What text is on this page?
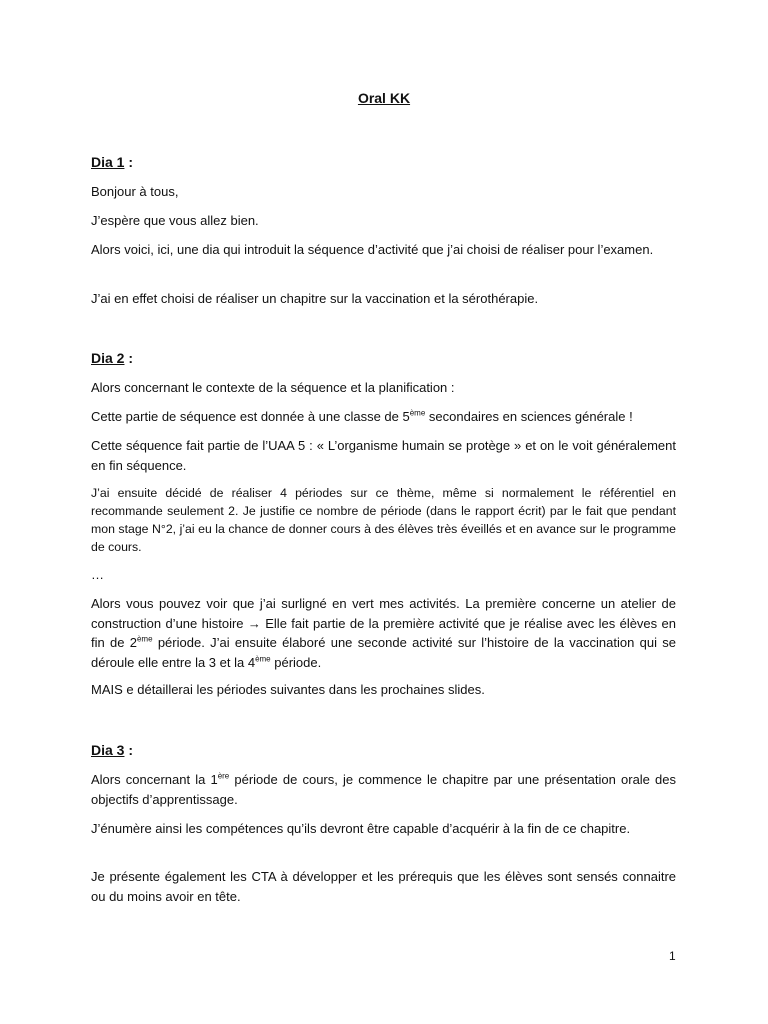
Oral KK
Dia 1 :
Bonjour à tous,
J’espère que vous allez bien.
Alors voici, ici, une dia qui introduit la séquence d’activité que j’ai choisi de réaliser pour l’examen.
J’ai en effet choisi de réaliser un chapitre sur la vaccination et la sérothérapie.
Dia 2 :
Alors concernant le contexte de la séquence et la planification :
Cette partie de séquence est donnée à une classe de 5ème secondaires en sciences générale !
Cette séquence fait partie de l’UAA 5 : « L’organisme humain se protège » et on le voit généralement en fin séquence.
J’ai ensuite décidé de réaliser 4 périodes sur ce thème, même si normalement le référentiel en recommande seulement 2. Je justifie ce nombre de période (dans le rapport écrit) par le fait que pendant mon stage N°2, j’ai eu la chance de donner cours à des élèves très éveillés et en avance sur le programme de cours.
…
Alors vous pouvez voir que j’ai surligné en vert mes activités. La première concerne un atelier de construction d’une histoire → Elle fait partie de la première activité que je réalise avec les élèves en fin de 2ème période. J’ai ensuite élaboré une seconde activité sur l’histoire de la vaccination qui se déroule elle entre la 3 et la 4ème période.
MAIS e détaillerai les périodes suivantes dans les prochaines slides.
Dia 3 :
Alors concernant la 1ère période de cours, je commence le chapitre par une présentation orale des objectifs d’apprentissage.
J’énumère ainsi les compétences qu’ils devront être capable d’acquérir à la fin de ce chapitre.
Je présente également les CTA à développer et les prérequis que les élèves sont sensés connaitre ou du moins avoir en tête.
1
